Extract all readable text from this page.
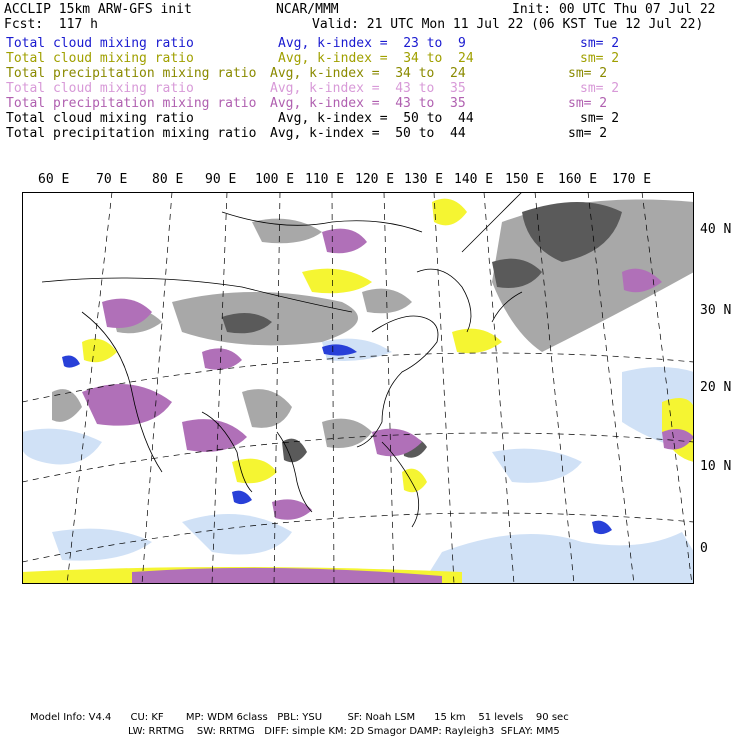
ACCLIP 15km ARW-GFS init	NCAR/MMM	Init: 00 UTC Thu 07 Jul 22
Fcst:  117 h	Valid: 21 UTC Mon 11 Jul 22 (06 KST Tue 12 Jul 22)
Total cloud mixing ratio	Avg, k-index =  23 to  9	sm= 2
Total cloud mixing ratio	Avg, k-index =  34 to  24	sm= 2
Total precipitation mixing ratio Avg, k-index =  34 to  24	sm= 2
Total cloud mixing ratio	Avg, k-index =  43 to  35	sm= 2
Total precipitation mixing ratio Avg, k-index =  43 to  35	sm= 2
Total cloud mixing ratio	Avg, k-index =  50 to  44	sm= 2
Total precipitation mixing ratio Avg, k-index =  50 to  44	sm= 2
60 E 70 E 80 E 90 E 100 E 110 E 120 E 130 E 140 E 150 E 160 E 170 E
40 N
30 N
20 N
10 N
0
Model Info: V4.4      CU: KF       MP: WDM 6class   PBL: YSU        SF: Noah LSM      15 km    51 levels    90 sec
LW: RRTMG    SW: RRTMG   DIFF: simple KM: 2D Smagor DAMP: Rayleigh3  SFLAY: MM5
